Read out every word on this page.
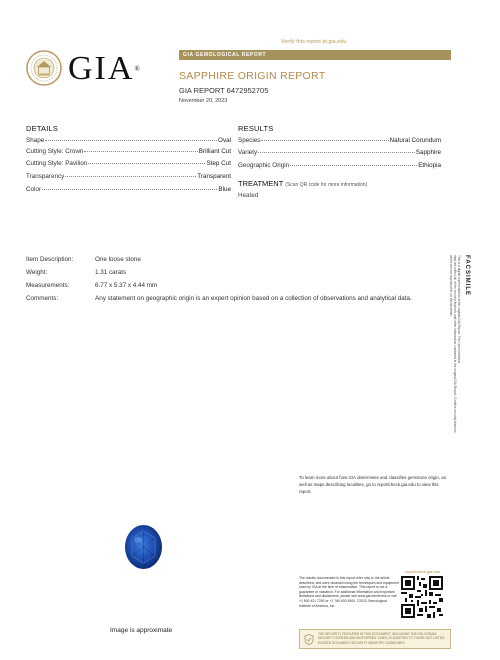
GIA®
Verify this report at gia.edu
GIA GEMOLOGICAL REPORT
SAPPHIRE ORIGIN REPORT
GIA REPORT 6472952705
November 20, 2023
DETAILS
Shape	Oval
Cutting Style: Crown	Brilliant Cut
Cutting Style: Pavilion	Step Cut
Transparency	Transparent
Color	Blue
RESULTS
Species	Natural Corundum
Variety	Sapphire
Geographic Origin	Ethiopia
TREATMENT (Scan QR code for more information)
Heated
Item Description:	One loose stone
Weight:	1.31 carats
Measurements:	6.77 x 5.37 x 4.44 mm
Comments:	Any statement on geographic origin is an expert opinion based on a collection of observations and analytical data.
FACSIMILE
This is a digital representation of the original GIA Report. This representation
may not reflect all of the security features and other information contained in the original GIA Report. Confirm security features, which are not reproducible on this facsimile.
To learn more about how GIA determines and classifies gemstone origin, as well as maps describing localities, go to reportcheck.gia.edu to view this report.
Image is approximate
reportcheck.gia.edu
The results documented in this report refer only to the article described, and were obtained using the techniques and equipment used by GIA at the time of examination. This report is not a guarantee or valuation. For additional information and important limitations and disclaimers, please see www.gia.edu/terms or call +1 800 421 7250 or +1 760 603 4500. ©2023 Gemological Institute of America, Inc.
THE SECURITY FEATURES IN THIS DOCUMENT, INCLUDING THE HOLOGRAM, SECURITY SCREEN AND MICROPRINT LINES, IN ADDITION TO THOSE NOT LISTED, EXCEED DOCUMENT SECURITY INDUSTRY GUIDELINES.
